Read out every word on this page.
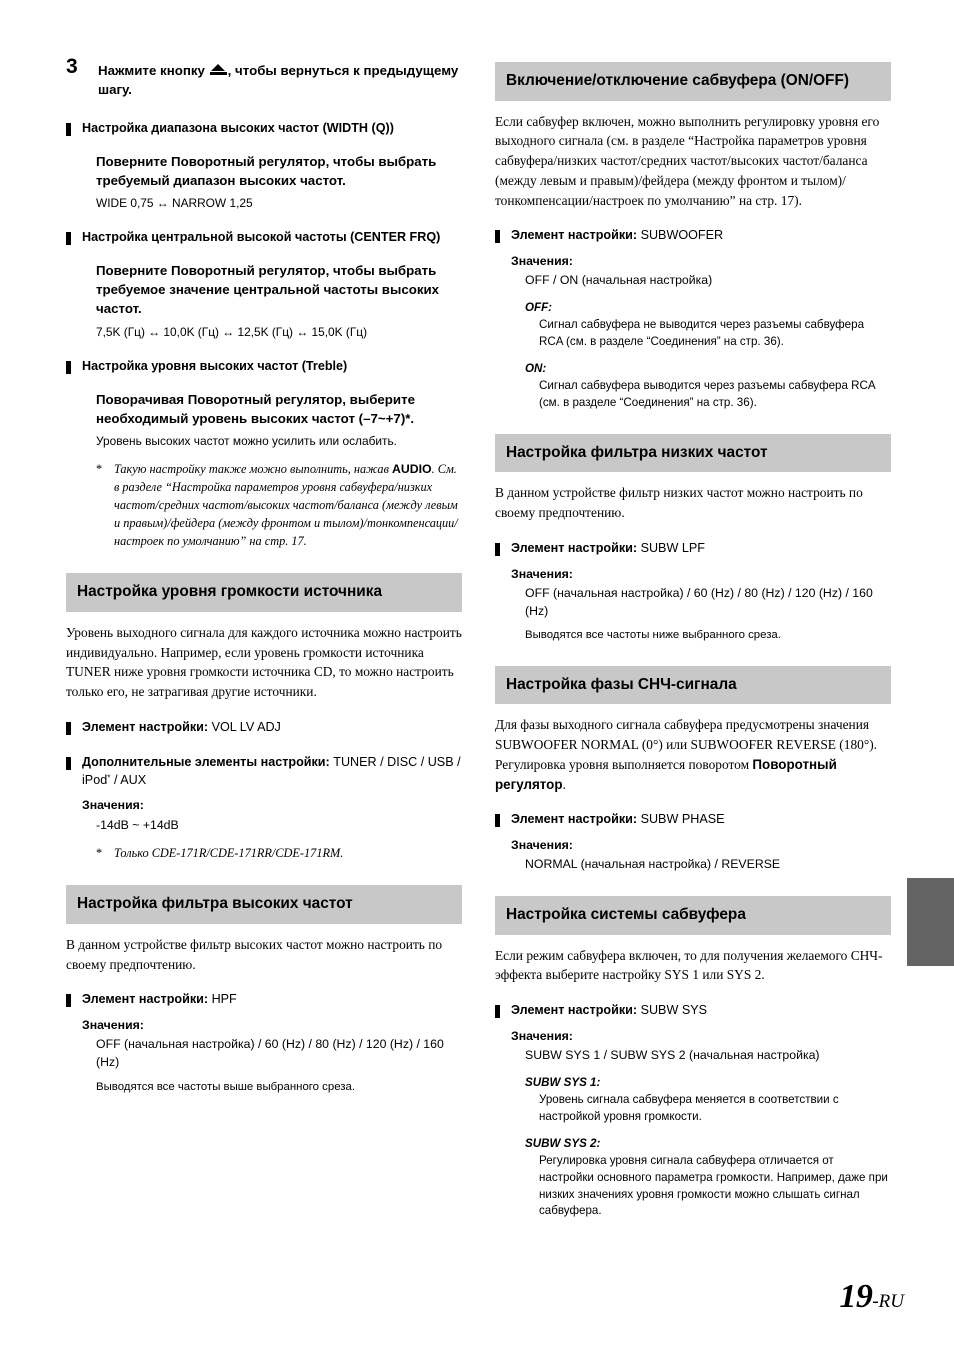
3 Нажмите кнопку , чтобы вернуться к предыдущему шагу.
Настройка диапазона высоких частот (WIDTH (Q))
Поверните Поворотный регулятор, чтобы выбрать требуемый диапазон высоких частот.
WIDE 0,75 ↔ NARROW 1,25
Настройка центральной высокой частоты (CENTER FRQ)
Поверните Поворотный регулятор, чтобы выбрать требуемое значение центральной частоты высоких частот.
7,5K (Гц) ↔ 10,0K (Гц) ↔ 12,5K (Гц) ↔ 15,0K (Гц)
Настройка уровня высоких частот (Treble)
Поворачивая Поворотный регулятор, выберите необходимый уровень высоких частот (–7~+7)*.
Уровень высоких частот можно усилить или ослабить.
* Такую настройку также можно выполнить, нажав AUDIO. См. в разделе “Настройка параметров уровня сабвуфера/низких частот/средних частот/высоких частот/баланса (между левым и правым)/фейдера (между фронтом и тылом)/тонкомпенсации/настроек по умолчанию” на стр. 17.
Настройка уровня громкости источника
Уровень выходного сигнала для каждого источника можно настроить индивидуально. Например, если уровень громкости источника TUNER ниже уровня громкости источника CD, то можно настроить только его, не затрагивая другие источники.
Элемент настройки: VOL LV ADJ
Дополнительные элементы настройки: TUNER / DISC / USB / iPod* / AUX
Значения:
-14dB ~ +14dB
* Только CDE-171R/CDE-171RR/CDE-171RM.
Настройка фильтра высоких частот
В данном устройстве фильтр высоких частот можно настроить по своему предпочтению.
Элемент настройки: HPF
Значения:
OFF (начальная настройка) / 60 (Hz) / 80 (Hz) / 120 (Hz) / 160 (Hz)
Выводятся все частоты выше выбранного среза.
Включение/отключение сабвуфера (ON/OFF)
Если сабвуфер включен, можно выполнить регулировку уровня его выходного сигнала (см. в разделе “Настройка параметров уровня сабвуфера/низких частот/средних частот/высоких частот/баланса (между левым и правым)/фейдера (между фронтом и тылом)/тонкомпенсации/настроек по умолчанию” на стр. 17).
Элемент настройки: SUBWOOFER
Значения:
OFF / ON (начальная настройка)
OFF:
Сигнал сабвуфера не выводится через разъемы сабвуфера RCA (см. в разделе “Соединения” на стр. 36).
ON:
Сигнал сабвуфера выводится через разъемы сабвуфера RCA (см. в разделе “Соединения” на стр. 36).
Настройка фильтра низких частот
В данном устройстве фильтр низких частот можно настроить по своему предпочтению.
Элемент настройки: SUBW LPF
Значения:
OFF (начальная настройка) / 60 (Hz) / 80 (Hz) / 120 (Hz) / 160 (Hz)
Выводятся все частоты ниже выбранного среза.
Настройка фазы СНЧ-сигнала
Для фазы выходного сигнала сабвуфера предусмотрены значения SUBWOOFER NORMAL (0°) или SUBWOOFER REVERSE (180°). Регулировка уровня выполняется поворотом Поворотный регулятор.
Элемент настройки: SUBW PHASE
Значения:
NORMAL (начальная настройка) / REVERSE
Настройка системы сабвуфера
Если режим сабвуфера включен, то для получения желаемого СНЧ-эффекта выберите настройку SYS 1 или SYS 2.
Элемент настройки: SUBW SYS
Значения:
SUBW SYS 1 / SUBW SYS 2 (начальная настройка)
SUBW SYS 1:
Уровень сигнала сабвуфера меняется в соответствии с настройкой уровня громкости.
SUBW SYS 2:
Регулировка уровня сигнала сабвуфера отличается от настройки основного параметра громкости. Например, даже при низких значениях уровня громкости можно слышать сигнал сабвуфера.
19-RU
